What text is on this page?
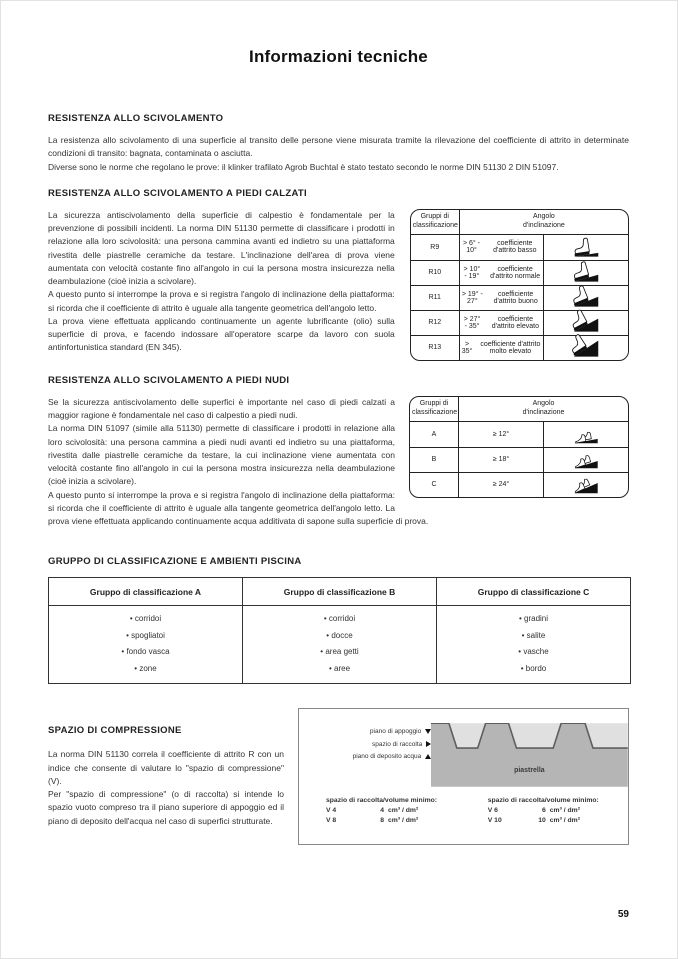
Informazioni tecniche
RESISTENZA ALLO SCIVOLAMENTO

La resistenza allo scivolamento di una superficie al transito delle persone viene misurata tramite la rilevazione del coefficiente di attrito in determinate condizioni di transito: bagnata, contaminata o asciutta.

Diverse sono le norme che regolano le prove: il klinker trafilato Agrob Buchtal è stato testato secondo le norme DIN 51130 2 DIN 51097.

RESISTENZA ALLO SCIVOLAMENTO A PIEDI CALZATI

La sicurezza antiscivolamento della superficie di calpestio è fondamentale per la prevenzione di possibili incidenti. La norma DIN 51130 permette di classificare i prodotti in relazione alla loro scivolosità: una persona cammina avanti ed indietro su una piattaforma rivestita delle piastrelle ceramiche da testare. L'inclinazione dell'area di prova viene aumentata con velocità costante fino all'angolo in cui la persona mostra insicurezza nella deambulazione (cioè inizia a scivolare).

A questo punto si interrompe la prova e si registra l'angolo di inclinazione della piattaforma: si ricorda che il coefficiente di attrito è uguale alla tangente geometrica dell'angolo letto.

La prova viene effettuata applicando continuamente un agente lubrificante (olio) sulla superficie di prova, e facendo indossare all'operatore scarpe da lavoro con suola antinfortunistica standard (EN 345).

Gruppi di classificazione	Angolo d'inclinazione	

R9	> 6° - 10°
coefficiente d'attrito basso

R10	> 10° - 19°
coefficiente d'attrito normale

R11	> 19° - 27°
coefficiente d'attrito buono

R12	> 27° - 35°
coefficiente d'attrito elevato

R13	> 35°
coefficiente d'attrito molto elevato

RESISTENZA ALLO SCIVOLAMENTO A PIEDI NUDI
Gruppi di classificazione	Angolo d'inclinazione	

A	≥ 12°

B	≥ 18°

C	≥ 24°

Se la sicurezza antiscivolamento delle superfici è importante nel caso di piedi calzati a maggior ragione è fondamentale nel caso di calpestio a piedi nudi.

La norma DIN 51097 (simile alla 51130) permette di classificare i prodotti in relazione alla loro scivolosità: una persona cammina a piedi nudi avanti ed indietro su una piattaforma, rivestita dalle piastrelle ceramiche da testare, la cui inclinazione viene aumentata con velocità costante fino all'angolo in cui la persona mostra insicurezza nella deambulazione (cioè inizia a scivolare).

A questo punto si interrompe la prova e si registra l'angolo di inclinazione della piattaforma: si ricorda che il coefficiente di attrito è uguale alla tangente geometrica dell'angolo letto. La prova viene effettuata applicando continuamente acqua additivata di sapone sulla superficie di prova.

GRUPPO DI CLASSIFICAZIONE E AMBIENTI PISCINA
Gruppo di classificazione A	Gruppo di classificazione B	Gruppo di classificazione C

• corridoi
• spogliatoi
• fondo vasca
• zone

• corridoi
• docce
• area getti
• aree

• gradini
• salite
• vasche
• bordo
SPAZIO DI COMPRESSIONE

La norma DIN 51130 correla il coefficiente di attrito R con un indice che consente di valutare lo "spazio di compressione" (V).

Per "spazio di compressione" (o di raccolta) si intende lo spazio vuoto compreso tra il piano superiore di appoggio ed il piano di deposito dell'acqua nel caso di superfici strutturate.

piano di appoggio
spazio di raccolta
piano di deposito acqua
piastrella
spazio di raccolta/volume minimo:
V 4	4 cm³ / dm²
V 8	8 cm³ / dm²
spazio di raccolta/volume minimo:
V 6	6 cm³ / dm²
V 10	10 cm³ / dm²
59
